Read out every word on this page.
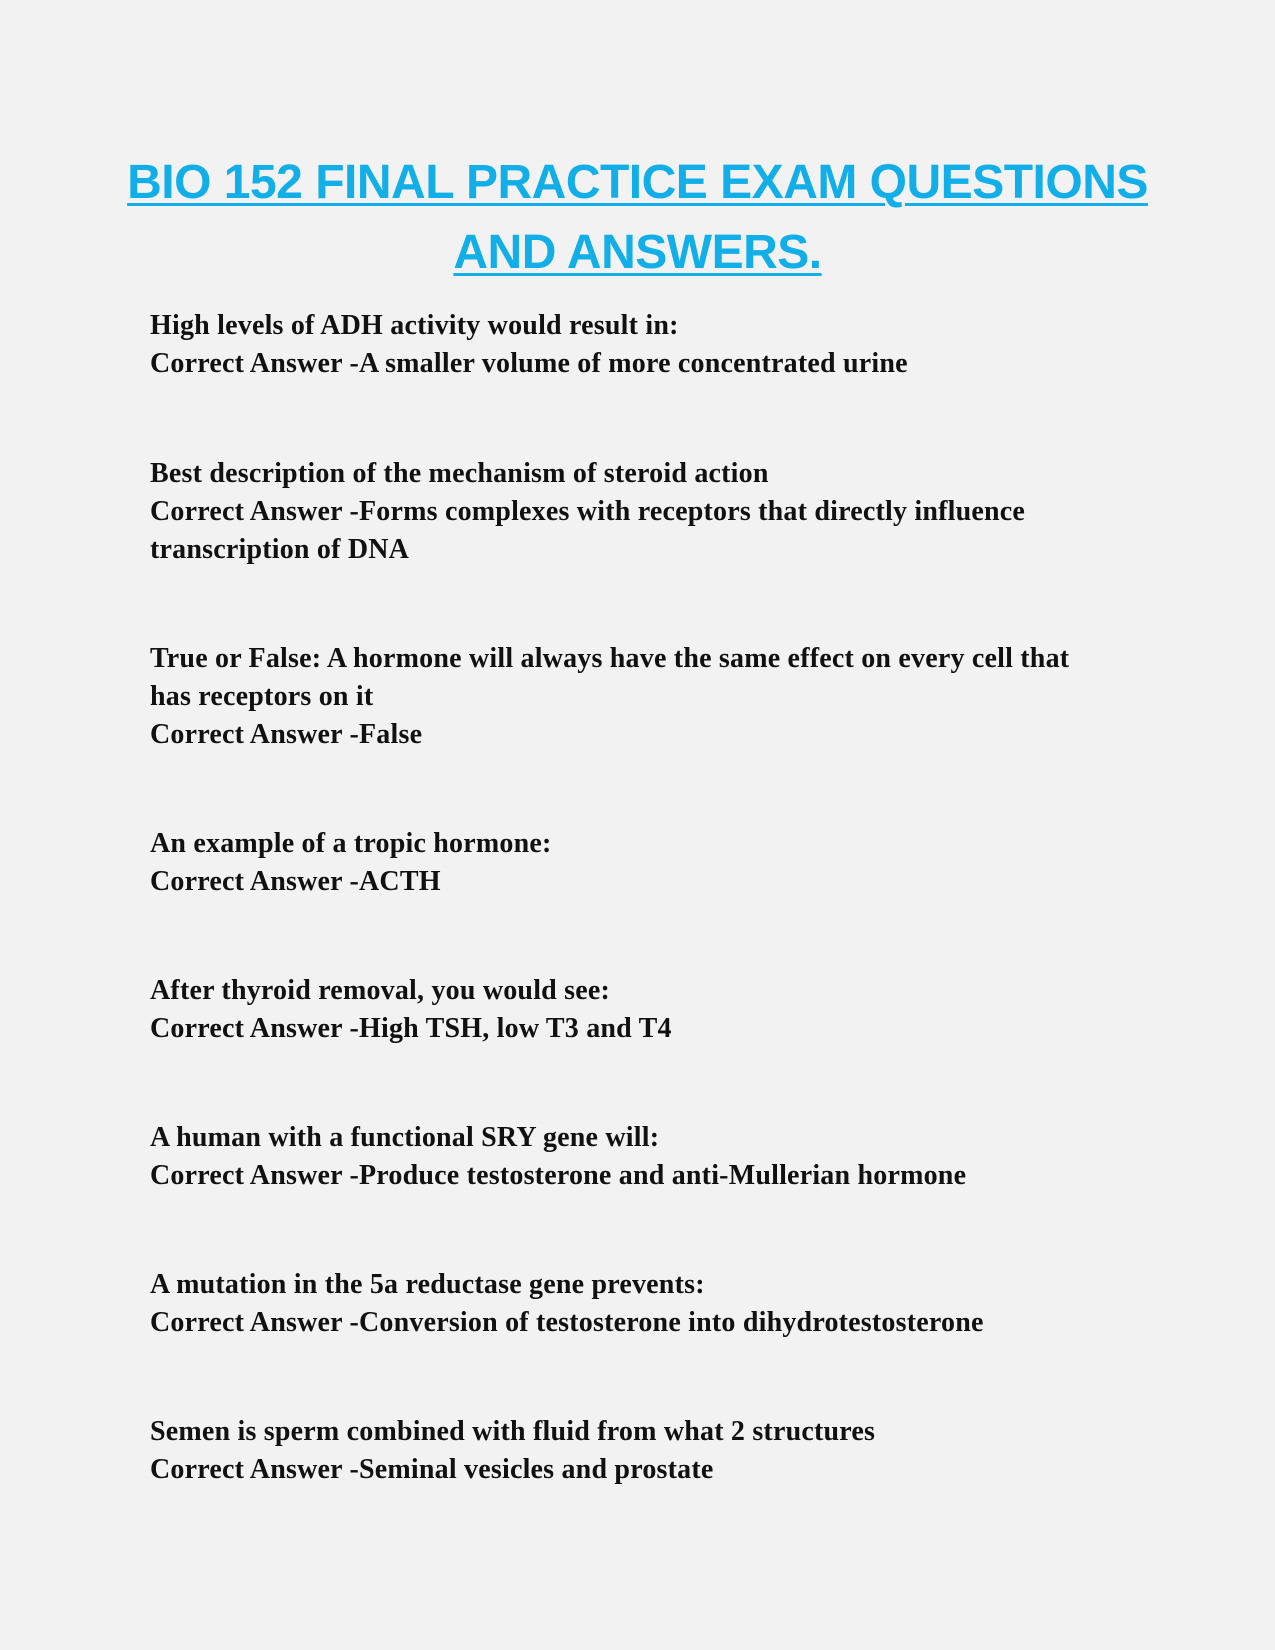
BIO 152 FINAL PRACTICE EXAM QUESTIONS
AND ANSWERS.

High levels of ADH activity would result in:

Correct Answer -A smaller volume of more concentrated urine

Best description of the mechanism of steroid action

Correct Answer -Forms complexes with receptors that directly influence transcription of DNA

True or False: A hormone will always have the same effect on every cell that has receptors on it

Correct Answer -False

An example of a tropic hormone:

Correct Answer -ACTH

After thyroid removal, you would see:

Correct Answer -High TSH, low T3 and T4

A human with a functional SRY gene will:

Correct Answer -Produce testosterone and anti-Mullerian hormone

A mutation in the 5a reductase gene prevents:

Correct Answer -Conversion of testosterone into dihydrotestosterone

Semen is sperm combined with fluid from what 2 structures

Correct Answer -Seminal vesicles and prostate
